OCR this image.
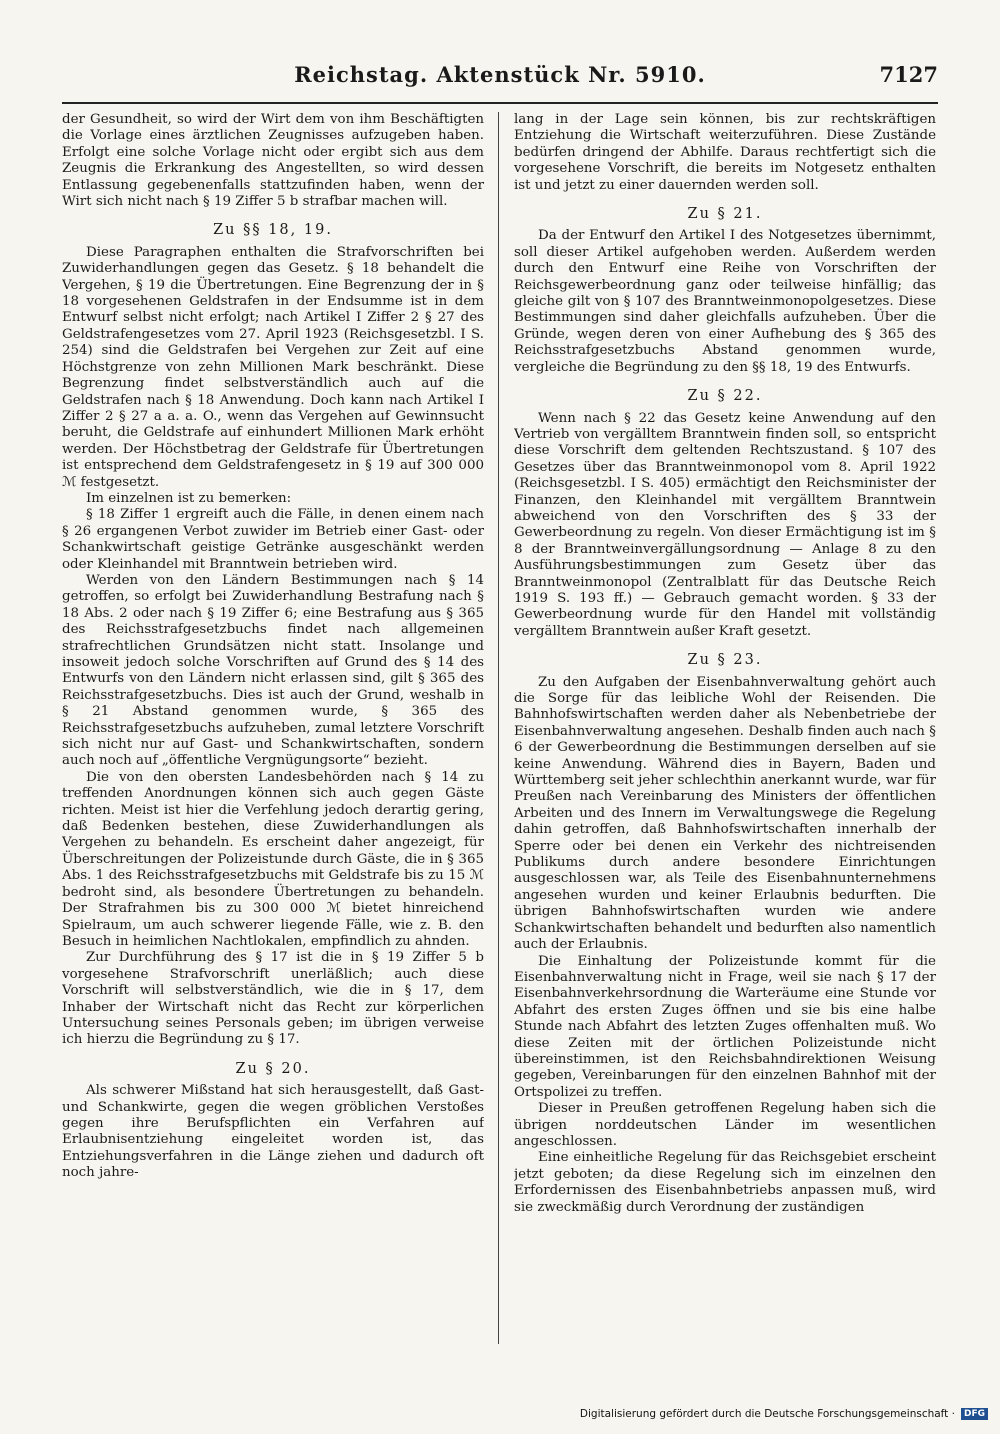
Reichstag. Aktenstück Nr. 5910.	7127

der Gesundheit, so wird der Wirt dem von ihm Beschäftigten die Vorlage eines ärztlichen Zeugnisses aufzugeben haben. Erfolgt eine solche Vorlage nicht oder ergibt sich aus dem Zeugnis die Erkrankung des Angestellten, so wird dessen Entlassung gegebenenfalls stattzufinden haben, wenn der Wirt sich nicht nach § 19 Ziffer 5 b strafbar machen will.

Zu §§ 18, 19.

Diese Paragraphen enthalten die Strafvorschriften bei Zuwiderhandlungen gegen das Gesetz. § 18 behandelt die Vergehen, § 19 die Übertretungen. Eine Begrenzung der in § 18 vorgesehenen Geldstrafen in der Endsumme ist in dem Entwurf selbst nicht erfolgt; nach Artikel I Ziffer 2 § 27 des Geldstrafengesetzes vom 27. April 1923 (Reichsgesetzbl. I S. 254) sind die Geldstrafen bei Vergehen zur Zeit auf eine Höchstgrenze von zehn Millionen Mark beschränkt. Diese Begrenzung findet selbstverständlich auch auf die Geldstrafen nach § 18 Anwendung. Doch kann nach Artikel I Ziffer 2 § 27 a a. a. O., wenn das Vergehen auf Gewinnsucht beruht, die Geldstrafe auf einhundert Millionen Mark erhöht werden. Der Höchstbetrag der Geldstrafe für Übertretungen ist entsprechend dem Geldstrafengesetz in § 19 auf 300 000 ℳ festgesetzt.

Im einzelnen ist zu bemerken:

§ 18 Ziffer 1 ergreift auch die Fälle, in denen einem nach § 26 ergangenen Verbot zuwider im Betrieb einer Gast- oder Schankwirtschaft geistige Getränke ausgeschänkt werden oder Kleinhandel mit Branntwein betrieben wird.

Werden von den Ländern Bestimmungen nach § 14 getroffen, so erfolgt bei Zuwiderhandlung Bestrafung nach § 18 Abs. 2 oder nach § 19 Ziffer 6; eine Bestrafung aus § 365 des Reichsstrafgesetzbuchs findet nach allgemeinen strafrechtlichen Grundsätzen nicht statt. Insolange und insoweit jedoch solche Vorschriften auf Grund des § 14 des Entwurfs von den Ländern nicht erlassen sind, gilt § 365 des Reichsstrafgesetzbuchs. Dies ist auch der Grund, weshalb in § 21 Abstand genommen wurde, § 365 des Reichsstrafgesetzbuchs aufzuheben, zumal letztere Vorschrift sich nicht nur auf Gast- und Schankwirtschaften, sondern auch noch auf „öffentliche Vergnügungsorte“ bezieht.

Die von den obersten Landesbehörden nach § 14 zu treffenden Anordnungen können sich auch gegen Gäste richten. Meist ist hier die Verfehlung jedoch derartig gering, daß Bedenken bestehen, diese Zuwiderhandlungen als Vergehen zu behandeln. Es erscheint daher angezeigt, für Überschreitungen der Polizeistunde durch Gäste, die in § 365 Abs. 1 des Reichsstrafgesetzbuchs mit Geldstrafe bis zu 15 ℳ bedroht sind, als besondere Übertretungen zu behandeln. Der Strafrahmen bis zu 300 000 ℳ bietet hinreichend Spielraum, um auch schwerer liegende Fälle, wie z. B. den Besuch in heimlichen Nachtlokalen, empfindlich zu ahnden.

Zur Durchführung des § 17 ist die in § 19 Ziffer 5 b vorgesehene Strafvorschrift unerläßlich; auch diese Vorschrift will selbstverständlich, wie die in § 17, dem Inhaber der Wirtschaft nicht das Recht zur körperlichen Untersuchung seines Personals geben; im übrigen verweise ich hierzu die Begründung zu § 17.

Zu § 20.

Als schwerer Mißstand hat sich herausgestellt, daß Gast- und Schankwirte, gegen die wegen gröblichen Verstoßes gegen ihre Berufspflichten ein Verfahren auf Erlaubnisentziehung eingeleitet worden ist, das Entziehungsverfahren in die Länge ziehen und dadurch oft noch jahre-

lang in der Lage sein können, bis zur rechtskräftigen Entziehung die Wirtschaft weiterzuführen. Diese Zustände bedürfen dringend der Abhilfe. Daraus rechtfertigt sich die vorgesehene Vorschrift, die bereits im Notgesetz enthalten ist und jetzt zu einer dauernden werden soll.

Zu § 21.

Da der Entwurf den Artikel I des Notgesetzes übernimmt, soll dieser Artikel aufgehoben werden. Außerdem werden durch den Entwurf eine Reihe von Vorschriften der Reichsgewerbeordnung ganz oder teilweise hinfällig; das gleiche gilt von § 107 des Branntweinmonopolgesetzes. Diese Bestimmungen sind daher gleichfalls aufzuheben. Über die Gründe, wegen deren von einer Aufhebung des § 365 des Reichsstrafgesetzbuchs Abstand genommen wurde, vergleiche die Begründung zu den §§ 18, 19 des Entwurfs.

Zu § 22.

Wenn nach § 22 das Gesetz keine Anwendung auf den Vertrieb von vergälltem Branntwein finden soll, so entspricht diese Vorschrift dem geltenden Rechtszustand. § 107 des Gesetzes über das Branntweinmonopol vom 8. April 1922 (Reichsgesetzbl. I S. 405) ermächtigt den Reichsminister der Finanzen, den Kleinhandel mit vergälltem Branntwein abweichend von den Vorschriften des § 33 der Gewerbeordnung zu regeln. Von dieser Ermächtigung ist im § 8 der Branntweinvergällungsordnung — Anlage 8 zu den Ausführungsbestimmungen zum Gesetz über das Branntweinmonopol (Zentralblatt für das Deutsche Reich 1919 S. 193 ff.) — Gebrauch gemacht worden. § 33 der Gewerbeordnung wurde für den Handel mit vollständig vergälltem Branntwein außer Kraft gesetzt.

Zu § 23.

Zu den Aufgaben der Eisenbahnverwaltung gehört auch die Sorge für das leibliche Wohl der Reisenden. Die Bahnhofswirtschaften werden daher als Nebenbetriebe der Eisenbahnverwaltung angesehen. Deshalb finden auch nach § 6 der Gewerbeordnung die Bestimmungen derselben auf sie keine Anwendung. Während dies in Bayern, Baden und Württemberg seit jeher schlechthin anerkannt wurde, war für Preußen nach Vereinbarung des Ministers der öffentlichen Arbeiten und des Innern im Verwaltungswege die Regelung dahin getroffen, daß Bahnhofswirtschaften innerhalb der Sperre oder bei denen ein Verkehr des nichtreisenden Publikums durch andere besondere Einrichtungen ausgeschlossen war, als Teile des Eisenbahnunternehmens angesehen wurden und keiner Erlaubnis bedurften. Die übrigen Bahnhofswirtschaften wurden wie andere Schankwirtschaften behandelt und bedurften also namentlich auch der Erlaubnis.

Die Einhaltung der Polizeistunde kommt für die Eisenbahnverwaltung nicht in Frage, weil sie nach § 17 der Eisenbahnverkehrsordnung die Warteräume eine Stunde vor Abfahrt des ersten Zuges öffnen und sie bis eine halbe Stunde nach Abfahrt des letzten Zuges offenhalten muß. Wo diese Zeiten mit der örtlichen Polizeistunde nicht übereinstimmen, ist den Reichsbahndirektionen Weisung gegeben, Vereinbarungen für den einzelnen Bahnhof mit der Ortspolizei zu treffen.

Dieser in Preußen getroffenen Regelung haben sich die übrigen norddeutschen Länder im wesentlichen angeschlossen.

Eine einheitliche Regelung für das Reichsgebiet erscheint jetzt geboten; da diese Regelung sich im einzelnen den Erfordernissen des Eisenbahnbetriebs anpassen muß, wird sie zweckmäßig durch Verordnung der zuständigen

Digitalisierung gefördert durch die Deutsche Forschungsgemeinschaft ·	DFG
